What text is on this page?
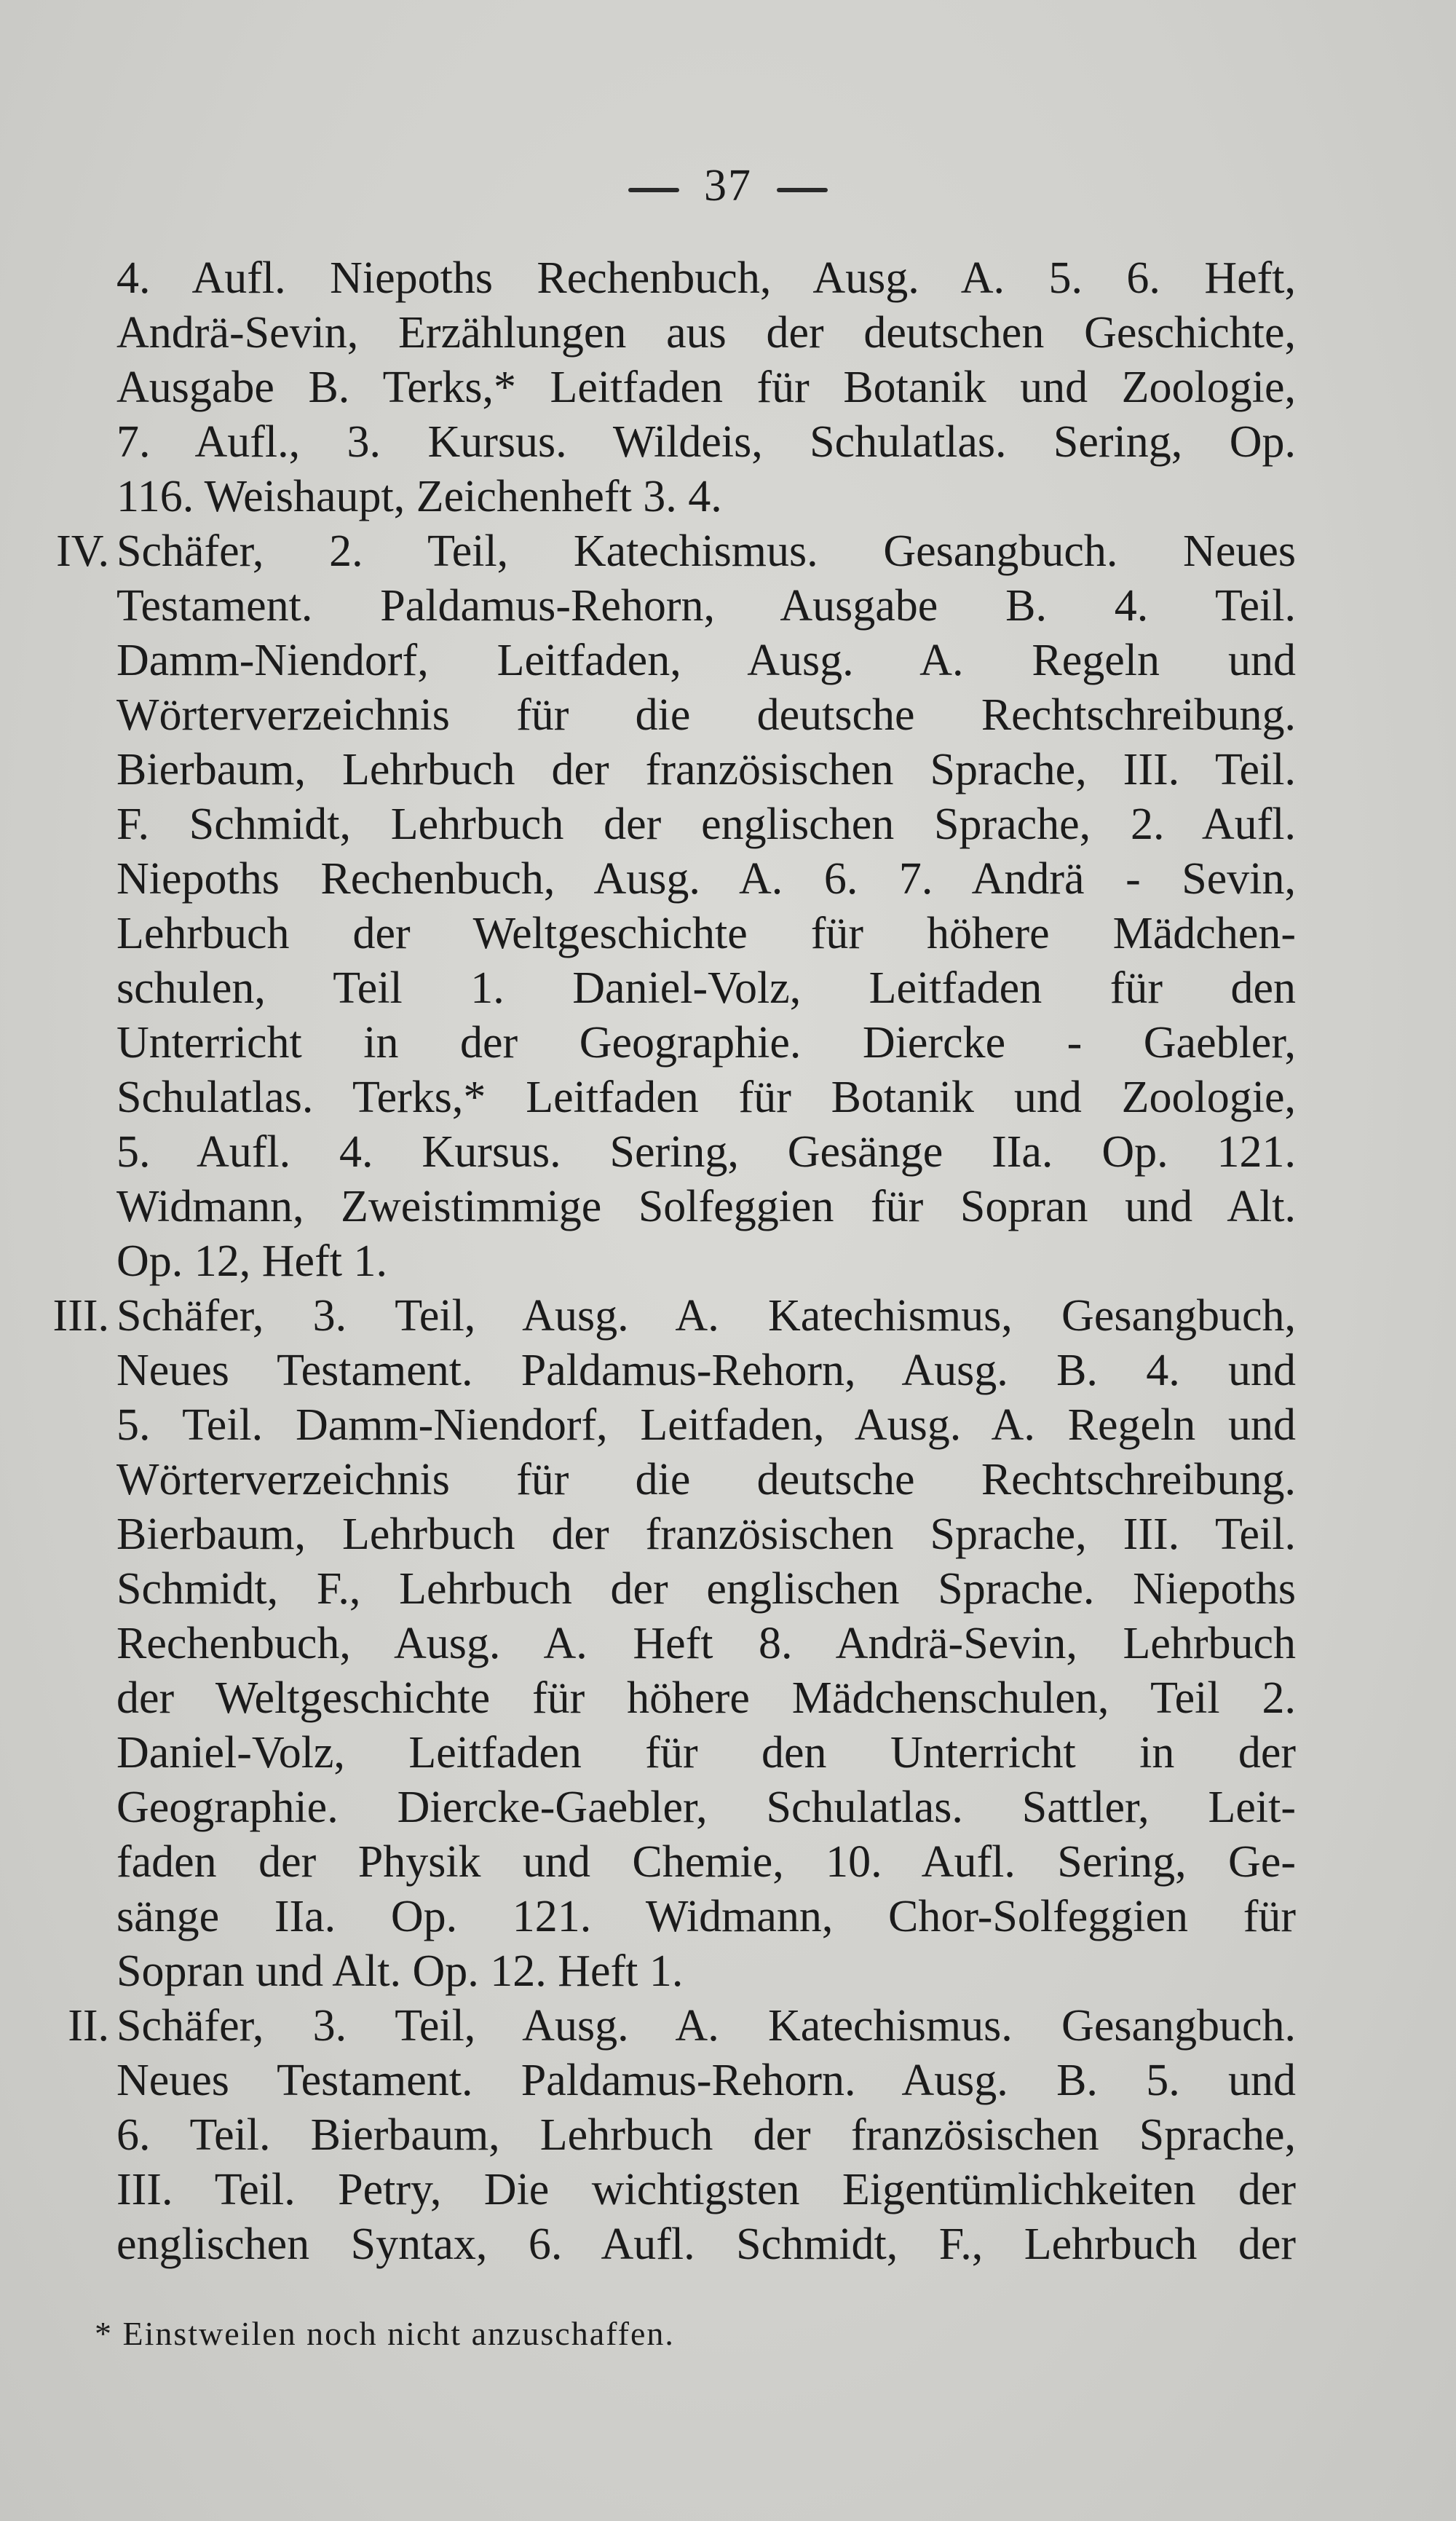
37
4. Aufl. Niepoths Rechenbuch, Ausg. A. 5. 6. Heft,
Andrä-Sevin, Erzählungen aus der deutschen Geschichte,
Ausgabe B. Terks,* Leitfaden für Botanik und Zoologie,
7. Aufl., 3. Kursus. Wildeis, Schulatlas. Sering, Op.
116. Weishaupt, Zeichenheft 3. 4.
IV. Schäfer, 2. Teil, Katechismus. Gesangbuch. Neues
Testament. Paldamus-Rehorn, Ausgabe B. 4. Teil.
Damm-Niendorf, Leitfaden, Ausg. A. Regeln und
Wörterverzeichnis für die deutsche Rechtschreibung.
Bierbaum, Lehrbuch der französischen Sprache, III. Teil.
F. Schmidt, Lehrbuch der englischen Sprache, 2. Aufl.
Niepoths Rechenbuch, Ausg. A. 6. 7. Andrä - Sevin,
Lehrbuch der Weltgeschichte für höhere Mädchen-
schulen, Teil 1. Daniel-Volz, Leitfaden für den
Unterricht in der Geographie. Diercke - Gaebler,
Schulatlas. Terks,* Leitfaden für Botanik und Zoologie,
5. Aufl. 4. Kursus. Sering, Gesänge IIa. Op. 121.
Widmann, Zweistimmige Solfeggien für Sopran und Alt.
Op. 12, Heft 1.
III. Schäfer, 3. Teil, Ausg. A. Katechismus, Gesangbuch,
Neues Testament. Paldamus-Rehorn, Ausg. B. 4. und
5. Teil. Damm-Niendorf, Leitfaden, Ausg. A. Regeln und
Wörterverzeichnis für die deutsche Rechtschreibung.
Bierbaum, Lehrbuch der französischen Sprache, III. Teil.
Schmidt, F., Lehrbuch der englischen Sprache. Niepoths
Rechenbuch, Ausg. A. Heft 8. Andrä-Sevin, Lehrbuch
der Weltgeschichte für höhere Mädchenschulen, Teil 2.
Daniel-Volz, Leitfaden für den Unterricht in der
Geographie. Diercke-Gaebler, Schulatlas. Sattler, Leit-
faden der Physik und Chemie, 10. Aufl. Sering, Ge-
sänge IIa. Op. 121. Widmann, Chor-Solfeggien für
Sopran und Alt. Op. 12. Heft 1.
II. Schäfer, 3. Teil, Ausg. A. Katechismus. Gesangbuch.
Neues Testament. Paldamus-Rehorn. Ausg. B. 5. und
6. Teil. Bierbaum, Lehrbuch der französischen Sprache,
III. Teil. Petry, Die wichtigsten Eigentümlichkeiten der
englischen Syntax, 6. Aufl. Schmidt, F., Lehrbuch der
* Einstweilen noch nicht anzuschaffen.
